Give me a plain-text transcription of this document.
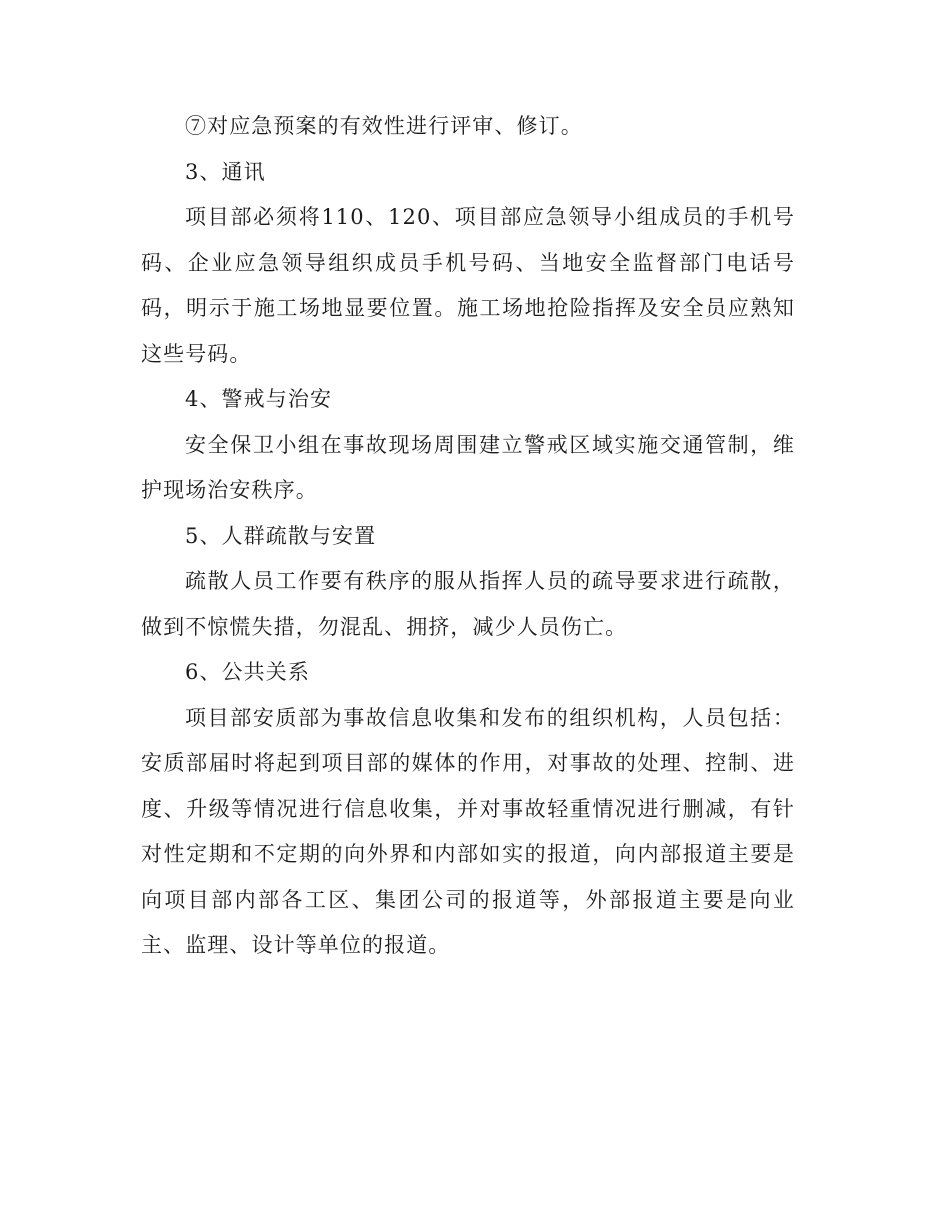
⑦对应急预案的有效性进行评审、修订。

3、通讯

项目部必须将110、120、项目部应急领导小组成员的手机号码、企业应急领导组织成员手机号码、当地安全监督部门电话号码，明示于施工场地显要位置。施工场地抢险指挥及安全员应熟知这些号码。

4、警戒与治安

安全保卫小组在事故现场周围建立警戒区域实施交通管制，维护现场治安秩序。

5、人群疏散与安置

疏散人员工作要有秩序的服从指挥人员的疏导要求进行疏散，做到不惊慌失措，勿混乱、拥挤，减少人员伤亡。

6、公共关系

项目部安质部为事故信息收集和发布的组织机构，人员包括：安质部届时将起到项目部的媒体的作用，对事故的处理、控制、进度、升级等情况进行信息收集，并对事故轻重情况进行删减，有针对性定期和不定期的向外界和内部如实的报道，向内部报道主要是向项目部内部各工区、集团公司的报道等，外部报道主要是向业主、监理、设计等单位的报道。
